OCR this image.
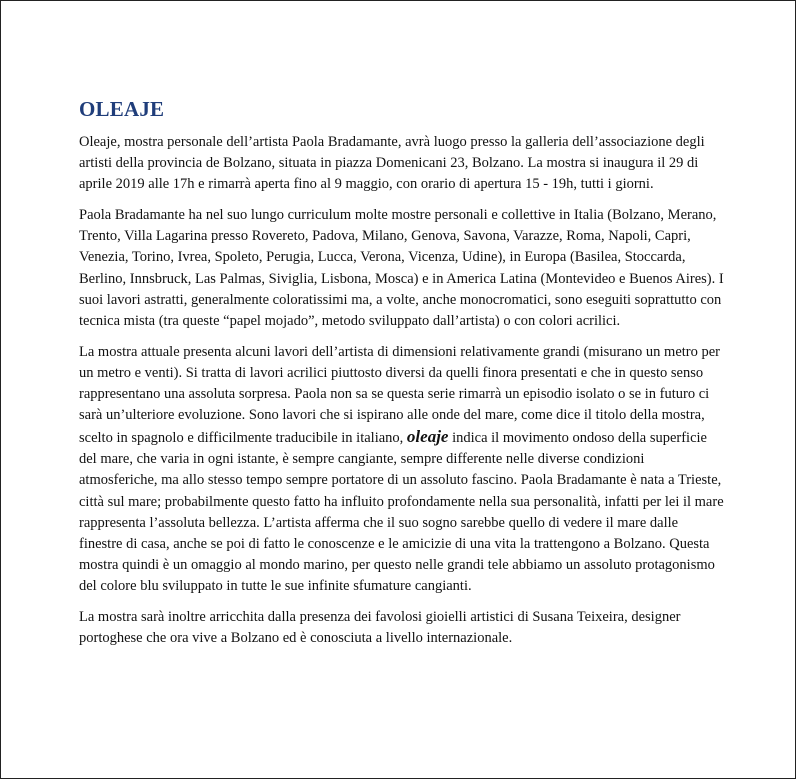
OLEAJE

Oleaje, mostra personale dell’artista Paola Bradamante, avrà luogo presso la galleria dell’associazione degli artisti della provincia de Bolzano, situata in piazza Domenicani 23, Bolzano. La mostra si inaugura il 29 di aprile 2019 alle 17h e rimarrà aperta fino al 9 maggio, con orario di apertura 15 - 19h, tutti i giorni.

Paola Bradamante ha nel suo lungo curriculum molte mostre personali e collettive in Italia (Bolzano, Merano, Trento, Villa Lagarina presso Rovereto, Padova, Milano, Genova, Savona, Varazze, Roma, Napoli, Capri, Venezia, Torino, Ivrea, Spoleto, Perugia, Lucca, Verona, Vicenza, Udine), in Europa (Basilea, Stoccarda, Berlino, Innsbruck, Las Palmas, Siviglia, Lisbona, Mosca) e in America Latina (Montevideo e Buenos Aires). I suoi lavori astratti, generalmente coloratissimi ma, a volte, anche monocromatici, sono eseguiti soprattutto con tecnica mista (tra queste “papel mojado”, metodo sviluppato dall’artista) o con colori acrilici.

La mostra attuale presenta alcuni lavori dell’artista di dimensioni relativamente grandi (misurano un metro per un metro e venti). Si tratta di lavori acrilici piuttosto diversi da quelli finora presentati e che in questo senso rappresentano una assoluta sorpresa. Paola non sa se questa serie rimarrà un episodio isolato o se in futuro ci sarà un’ulteriore evoluzione. Sono lavori che si ispirano alle onde del mare, come dice il titolo della mostra, scelto in spagnolo e difficilmente traducibile in italiano, oleaje indica il movimento ondoso della superficie del mare, che varia in ogni istante, è sempre cangiante, sempre differente nelle diverse condizioni atmosferiche, ma allo stesso tempo sempre portatore di un assoluto fascino. Paola Bradamante è nata a Trieste, città sul mare; probabilmente questo fatto ha influito profondamente nella sua personalità, infatti per lei il mare rappresenta l’assoluta bellezza. L’artista afferma che il suo sogno sarebbe quello di vedere il mare dalle finestre di casa, anche se poi di fatto le conoscenze e le amicizie di una vita la trattengono a Bolzano. Questa mostra quindi è un omaggio al mondo marino, per questo nelle grandi tele abbiamo un assoluto protagonismo del colore blu sviluppato in tutte le sue infinite sfumature cangianti.

La mostra sarà inoltre arricchita dalla presenza dei favolosi gioielli artistici di Susana Teixeira, designer portoghese che ora vive a Bolzano ed è conosciuta a livello internazionale.
